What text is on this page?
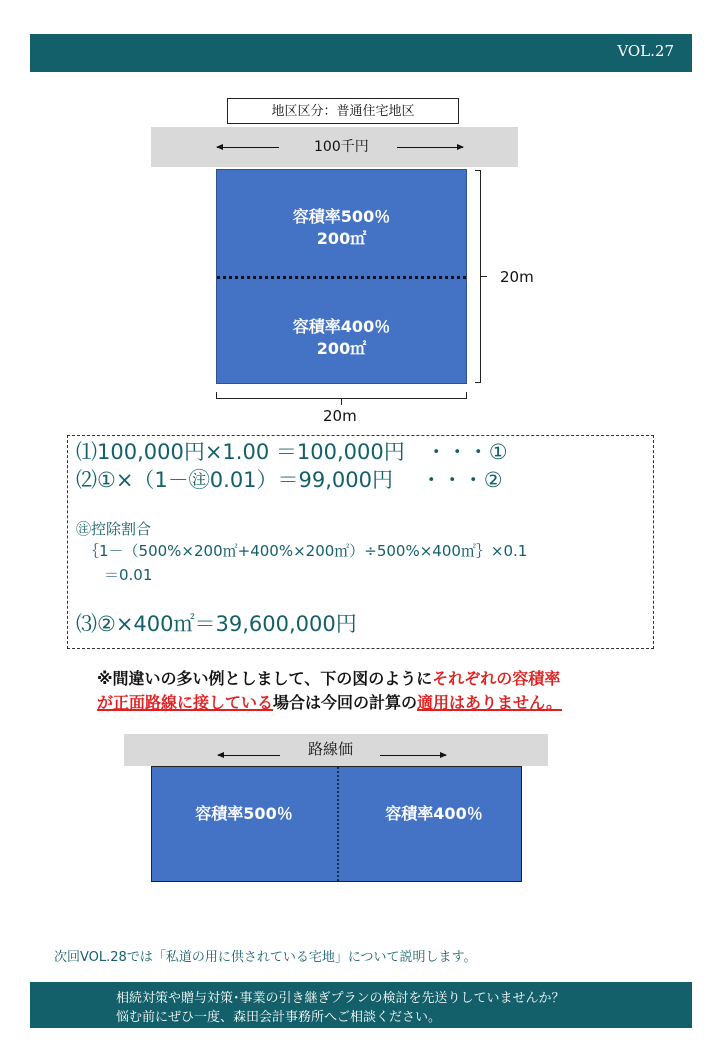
VOL.27
地区区分：普通住宅地区
100千円
容積率500％
200㎡
容積率400％
200㎡
20m
20m
⑴100,000円×1.00 ＝100,000円　・・・①
⑵①×（1－㊟0.01）＝99,000円　 ・・・②
㊟控除割合
｛1－（500%×200㎡+400%×200㎡）÷500%×400㎡｝×0.1
＝0.01
⑶②×400㎡＝39,600,000円
※間違いの多い例としまして、下の図のようにそれぞれの容積率
が正面路線に接している場合は今回の計算の適用はありません。
路線価
容積率500％	容積率400％
次回VOL.28では「私道の用に供されている宅地」について説明します。
相続対策や贈与対策･事業の引き継ぎプランの検討を先送りしていませんか？
悩む前にぜひ一度、森田会計事務所へご相談ください。
